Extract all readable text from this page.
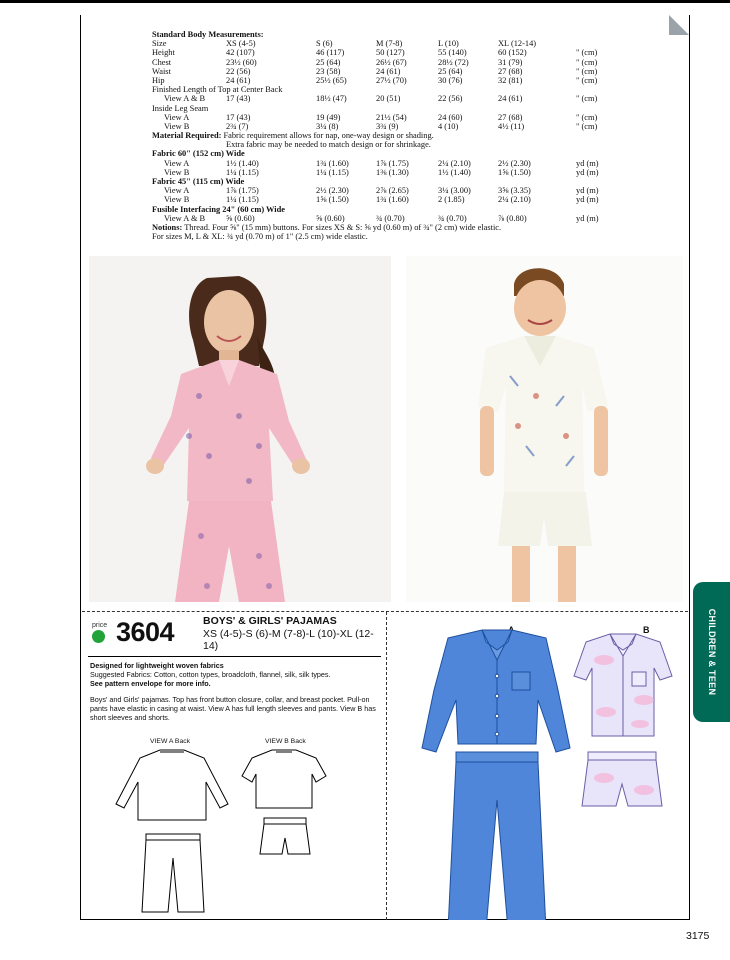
Standard Body Measurements:
Size	XS (4-5)	S (6)	M (7-8)	L (10)	XL (12-14)
Height	42 (107)	46 (117)	50 (127)	55 (140)	60 (152)	" (cm)
Chest	23½ (60)	25 (64)	26½ (67)	28½ (72)	31 (79)	" (cm)
Waist	22 (56)	23 (58)	24 (61)	25 (64)	27 (68)	" (cm)
Hip	24 (61)	25½ (65)	27½ (70)	30 (76)	32 (81)	" (cm)
Finished Length of Top at Center Back
View A & B 17 (43)	18½ (47)	20 (51)	22 (56)	24 (61)	" (cm)
Inside Leg Seam
View A	17 (43)	19 (49)	21½ (54)	24 (60)	27 (68)	" (cm)
View B	2¾ (7)	3¼ (8)	3¾ (9)	4 (10)	4½ (11)	" (cm)
Material Required: Fabric requirement allows for nap, one-way design or shading.
Extra fabric may be needed to match design or for shrinkage.
Fabric 60" (152 cm) Wide
View A	1½ (1.40)	1¾ (1.60)	1⅞ (1.75)	2¼ (2.10)	2½ (2.30)	yd (m)
View B	1¼ (1.15)	1¼ (1.15)	1⅜ (1.30)	1½ (1.40)	1⅝ (1.50)	yd (m)
Fabric 45" (115 cm) Wide
View A	1⅞ (1.75)	2½ (2.30)	2⅞ (2.65)	3¼ (3.00)	3⅝ (3.35)	yd (m)
View B	1¼ (1.15)	1⅝ (1.50)	1¾ (1.60)	2 (1.85)	2¼ (2.10)	yd (m)
Fusible Interfacing 24" (60 cm) Wide
View A & B ⅝ (0.60)	⅝ (0.60)	¾ (0.70)	¾ (0.70)	⅞ (0.80)	yd (m)
Notions: Thread. Four ⅝" (15 mm) buttons. For sizes XS & S: ⅝ yd (0.60 m) of ¾" (2 cm) wide elastic.
For sizes M, L & XL: ¾ yd (0.70 m) of 1" (2.5 cm) wide elastic.
price 3604	BOYS' & GIRLS' PAJAMAS
XS (4-5)-S (6)-M (7-8)-L (10)-XL (12-14)

Designed for lightweight woven fabrics

Suggested Fabrics: Cotton, cotton types, broadcloth, flannel, silk, silk types.

See pattern envelope for more info.

Boys' and Girls' pajamas. Top has front button closure, collar, and breast pocket. Pull-on pants have elastic in casing at waist. View A has full length sleeves and pants. View B has short sleeves and shorts.

VIEW A Back	VIEW B Back
B	CHILDREN & TEEN
3175
